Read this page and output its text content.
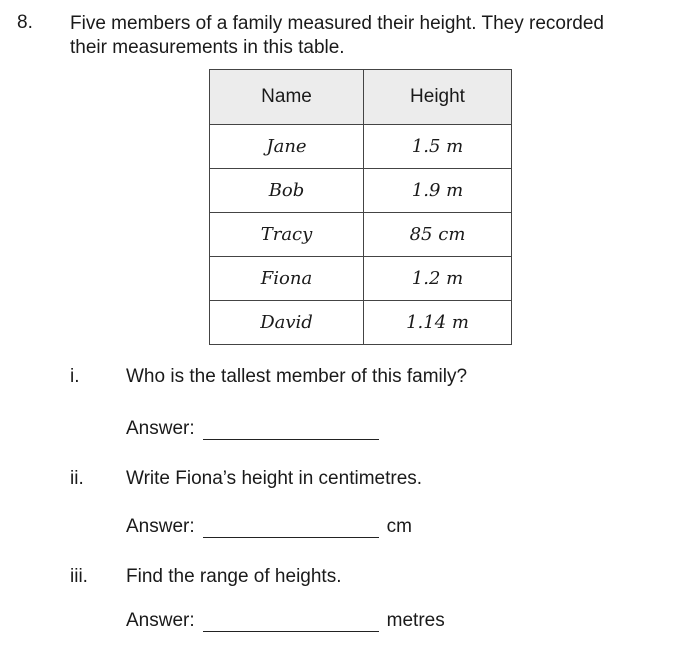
8. Five members of a family measured their height. They recorded
their measurements in this table.
Name	Height
Jane	1.5 m
Bob	1.9 m
Tracy	85 cm
Fiona	1.2 m
David	1.14 m
i. Who is the tallest member of this family?
Answer:
ii. Write Fiona’s height in centimetres.
Answer:	cm
iii. Find the range of heights.
Answer:	metres
